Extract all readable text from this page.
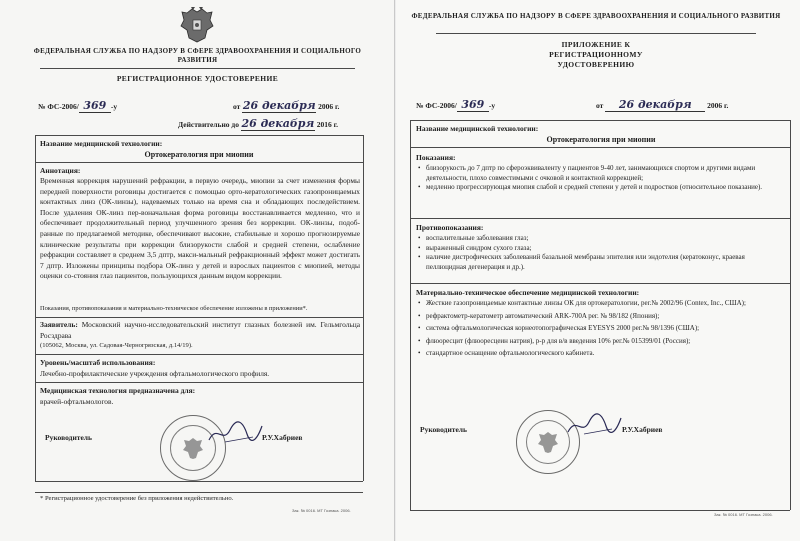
ФЕДЕРАЛЬНАЯ СЛУЖБА ПО НАДЗОРУ В СФЕРЕ ЗДРАВООХРАНЕНИЯ И СОЦИАЛЬНОГО РАЗВИТИЯ
РЕГИСТРАЦИОННОЕ УДОСТОВЕРЕНИЕ
№ ФС-2006/ 369 -у	от 26 декабря 2006 г.
Действительно до 26 декабря 2016 г.
Название медицинской технологии:
Ортокератология при миопии
Аннотация:
Временная коррекция нарушений рефракции, в первую очередь, миопии за счет изменения формы передней поверхности роговицы достигается с помощью орто-кератологических газопроницаемых контактных линз (ОК-линзы), надеваемых только на время сна и обладающих последействием. После удаления ОК-линз пер-воначальная форма роговицы восстанавливается медленно, что и обеспечивает продолжительный период улучшенного зрения без коррекции. ОК-линзы, подоб-ранные по предлагаемой методике, обеспечивают высокие, стабильные и хорошо прогнозируемые клинические результаты при коррекции близорукости слабой и средней степени, ослабление рефракции составляет в среднем 3,5 дптр, макси-мальный рефракционный эффект может достигать 7 дптр. Изложены принципы подбора ОК-линз у детей и взрослых пациентов с миопией, методы оценки со-стояния глаз пациентов, пользующихся данным видом коррекции.
Показания, противопоказания и материально-техническое обеспечение изложены в приложении*.
Заявитель: Московский научно-исследовательский институт глазных болезней им. Гельмгольца Росздрава
(105062, Москва, ул. Садовая-Черногрязская, д.14/19).
Уровень/масштаб использования:
Лечебно-профилактические учреждения офтальмологического профиля.
Медицинская технология предназначена для:
врачей-офтальмологов.
Руководитель	Р.У.Хабриев
* Регистрационное удостоверение без приложения недействительно.
Зак. № 0016. МТ Гознака. 2006.
ФЕДЕРАЛЬНАЯ СЛУЖБА ПО НАДЗОРУ В СФЕРЕ ЗДРАВООХРАНЕНИЯ И СОЦИАЛЬНОГО РАЗВИТИЯ
ПРИЛОЖЕНИЕ К РЕГИСТРАЦИОННОМУ УДОСТОВЕРЕНИЮ
№ ФС-2006/ 369 -у	от 26 декабря 2006 г.
Название медицинской технологии:
Ортокератология при миопии
Показания:
• близорукость до 7 дптр по сфероэквиваленту у пациентов 9-40 лет, занимающихся спортом и другими видами деятельности, плохо совместимыми с очковой и контактной коррекцией;
• медленно прогрессирующая миопия слабой и средней степени у детей и подростков (относительное показание).
Противопоказания:
• воспалительные заболевания глаз;
• выраженный синдром сухого глаза;
• наличие дистрофических заболеваний базальной мембраны эпителия или эндотелия (кератоконус, краевая пеллюцидная дегенерация и др.).
Материально-техническое обеспечение медицинской технологии:
• Жесткие газопроницаемые контактные линзы ОК для ортокератологии, рег.№ 2002/96 (Contex, Inc., США);
• рефрактометр-кератометр автоматический ARK-700A рег. № 98/182 (Япония);
• система офтальмологическая корнеотопографическая EYESYS 2000 рег.№ 98/1396 (США);
• флюоресцит (флюоресцеин натрия), р-р для в/в введения 10% рег.№ 015399/01 (Россия);
• стандартное оснащение офтальмологического кабинета.
Руководитель	Р.У.Хабриев
Зак. № 0016. МТ Гознака. 2006.
